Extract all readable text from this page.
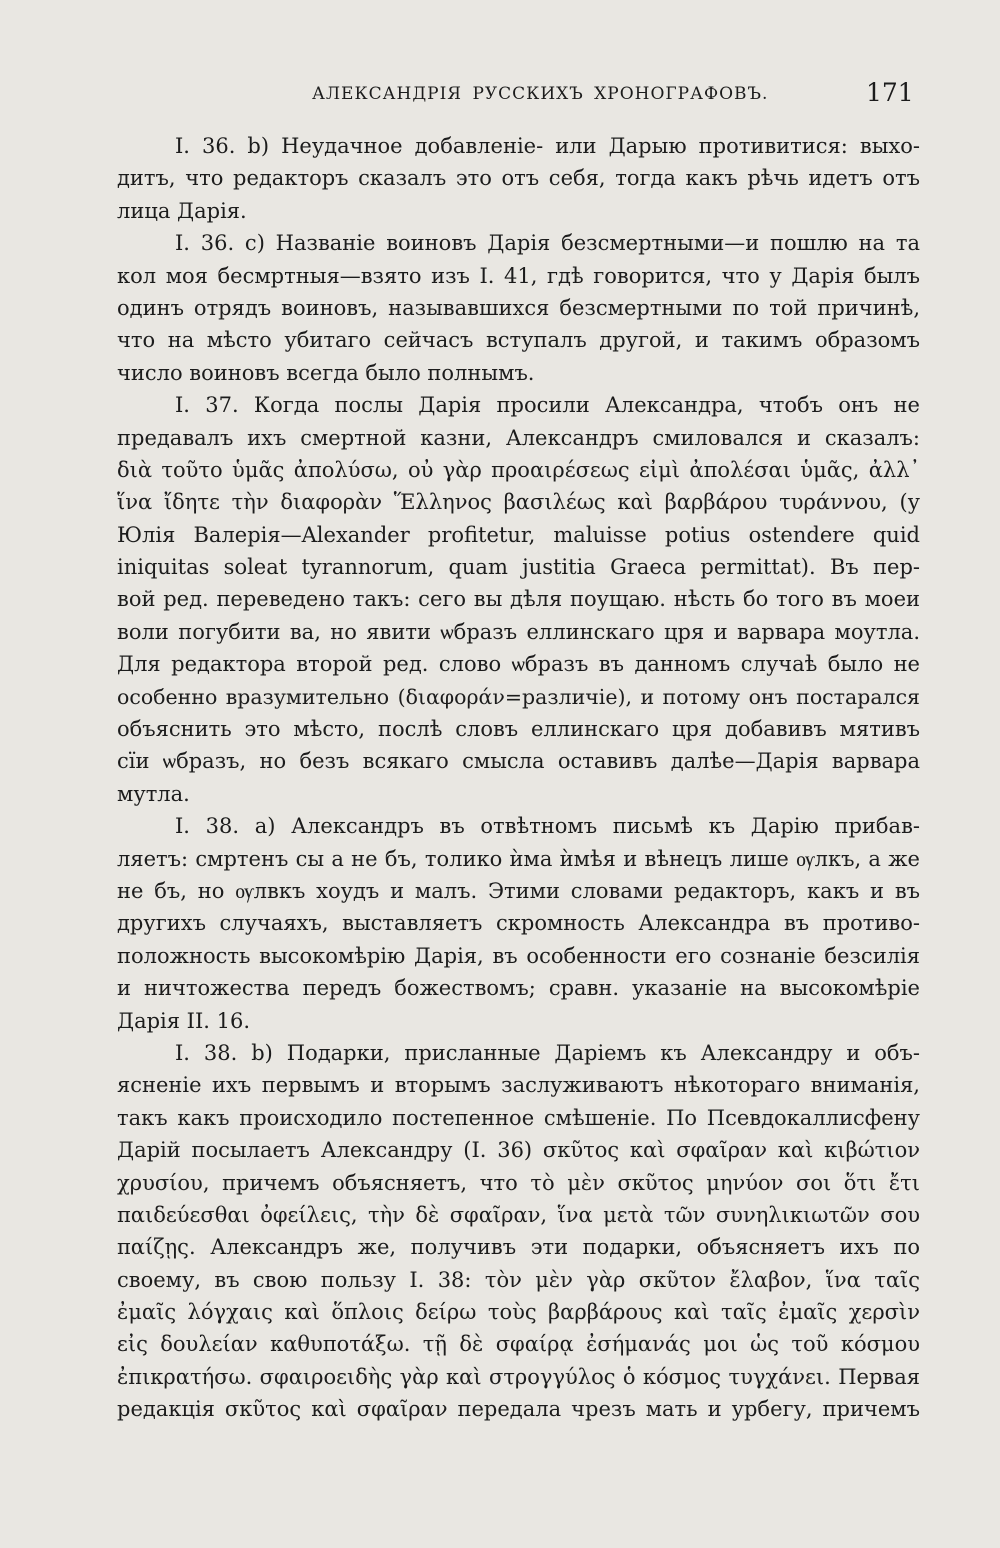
АЛЕКСАНДРІЯ РУССКИХЪ ХРОНОГРАФОВЪ.	171
I. 36. b) Неудачное добавленіе- или Дарыю противитися: выхо-
дитъ, что редакторъ сказалъ это отъ себя, тогда какъ рѣчь идетъ отъ
лица Дарія.
I. 36. c) Названіе воиновъ Дарія безсмертными—и пошлю на та
кол моя бесмртныя—взято изъ I. 41, гдѣ говорится, что у Дарія былъ
одинъ отрядъ воиновъ, называвшихся безсмертными по той причинѣ,
что на мѣсто убитаго сейчасъ вступалъ другой, и такимъ образомъ
число воиновъ всегда было полнымъ.
I. 37. Когда послы Дарія просили Александра, чтобъ онъ не
предавалъ ихъ смертной казни, Александръ смиловался и сказалъ:
διὰ τοῦτο ὑμᾶς ἀπολύσω, οὐ γὰρ προαιρέσεως εἰμὶ ἀπολέσαι ὑμᾶς, ἀλλ᾽
ἵνα ἴδητε τὴν διαφορὰν Ἕλληνος βασιλέως καὶ βαρβάρου τυράννου, (у
Юлія Валерія—Alexander profitetur, maluisse potius ostendere quid
iniquitas soleat tyrannorum, quam justitia Graeca permittat). Въ пер-
вой ред. переведено такъ: сего вы дѣля поущаю. нѣсть бо того въ моеи
воли погубити ва, но явити ѡбразъ еллинскаго цря и варвара моутла.
Для редактора второй ред. слово ѡбразъ въ данномъ случаѣ было не
особенно вразумительно (διαφοράν=различіе), и потому онъ постарался
объяснить это мѣсто, послѣ словъ еллинскаго цря добавивъ мятивъ
сїи ѡбразъ, но безъ всякаго смысла оставивъ далѣе—Дарія варвара
мутла.
I. 38. a) Александръ въ отвѣтномъ письмѣ къ Дарію прибав-
ляетъ: смртенъ сы а не бъ, толико ѝма ѝмѣя и вѣнецъ лише ѹлкъ, а же
не бъ, но ѹлвкъ хоудъ и малъ. Этими словами редакторъ, какъ и въ
другихъ случаяхъ, выставляетъ скромность Александра въ противо-
положность высокомѣрію Дарія, въ особенности его сознаніе безсилія
и ничтожества передъ божествомъ; сравн. указаніе на высокомѣріе
Дарія II. 16.
I. 38. b) Подарки, присланные Даріемъ къ Александру и объ-
ясненіе ихъ первымъ и вторымъ заслуживаютъ нѣкотораго вниманія,
такъ какъ происходило постепенное смѣшеніе. По Псевдокаллисфену
Дарій посылаетъ Александру (I. 36) σκῦτος καὶ σφαῖραν καὶ κιβώτιον
χρυσίου, причемъ объясняетъ, что τὸ μὲν σκῦτος μηνύον σοι ὅτι ἔτι
παιδεύεσθαι ὀφείλεις, τὴν δὲ σφαῖραν, ἵνα μετὰ τῶν συνηλικιωτῶν σου
παίζῃς. Александръ же, получивъ эти подарки, объясняетъ ихъ по
своему, въ свою пользу I. 38: τὸν μὲν γὰρ σκῦτον ἔλαβον, ἵνα ταῖς
ἐμαῖς λόγχαις καὶ ὅπλοις δείρω τοὺς βαρβάρους καὶ ταῖς ἐμαῖς χερσὶν
εἰς δουλείαν καθυποτάξω. τῇ δὲ σφαίρᾳ ἐσήμανάς μοι ὡς τοῦ κόσμου
ἐπικρατήσω. σφαιροειδὴς γὰρ καὶ στρογγύλος ὁ κόσμος τυγχάνει. Первая
редакція σκῦτος καὶ σφαῖραν передала чрезъ мать и урбегу, причемъ
